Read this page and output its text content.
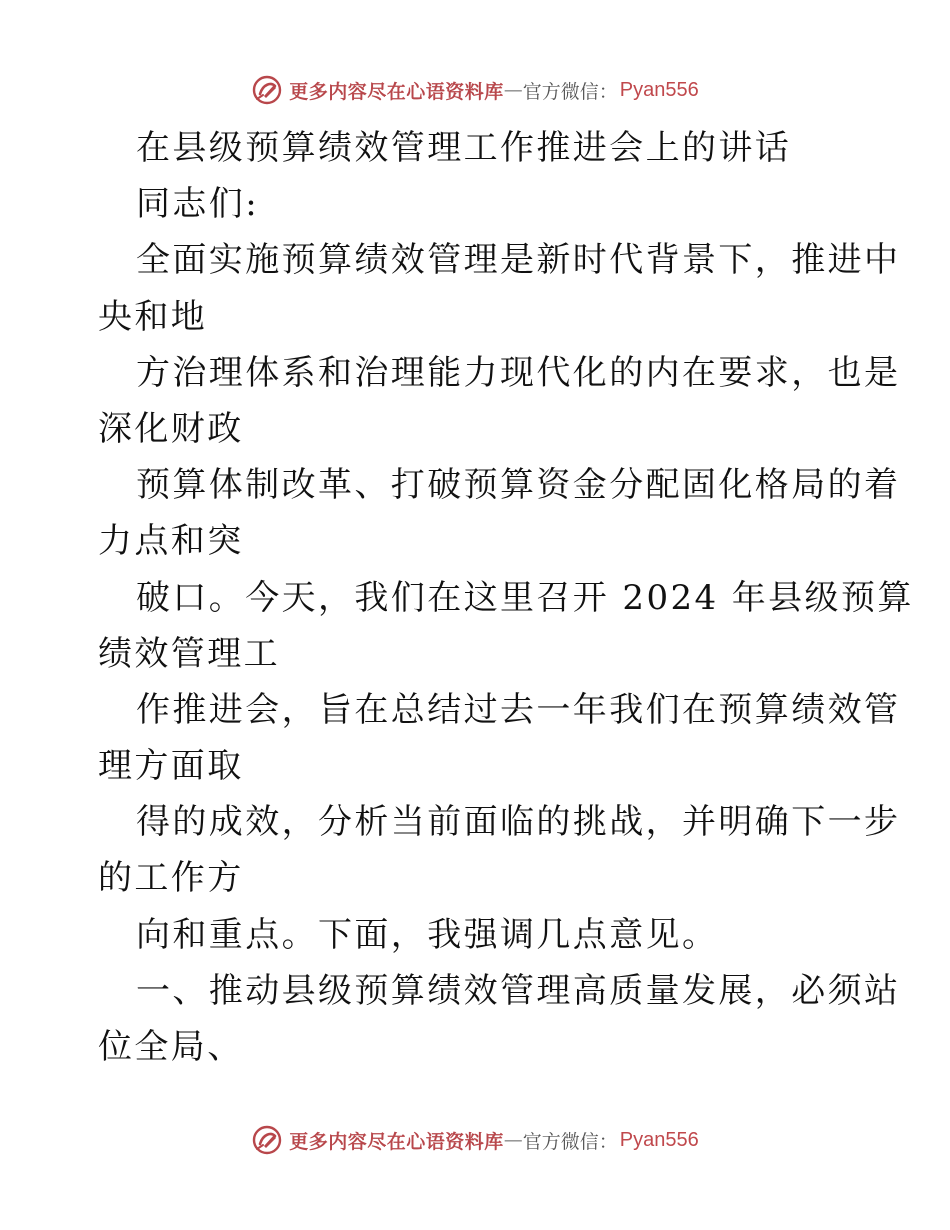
更多内容尽在心语资料库 — 官方微信： Pyan556
在县级预算绩效管理工作推进会上的讲话
同志们:
全面实施预算绩效管理是新时代背景下，推进中
央和地
方治理体系和治理能力现代化的内在要求，也是
深化财政
预算体制改革、打破预算资金分配固化格局的着
力点和突
破口。今天，我们在这里召开 2024 年县级预算
绩效管理工
作推进会，旨在总结过去一年我们在预算绩效管
理方面取
得的成效，分析当前面临的挑战，并明确下一步
的工作方
向和重点。下面，我强调几点意见。
一、推动县级预算绩效管理高质量发展，必须站
位全局、
更多内容尽在心语资料库 — 官方微信： Pyan556
